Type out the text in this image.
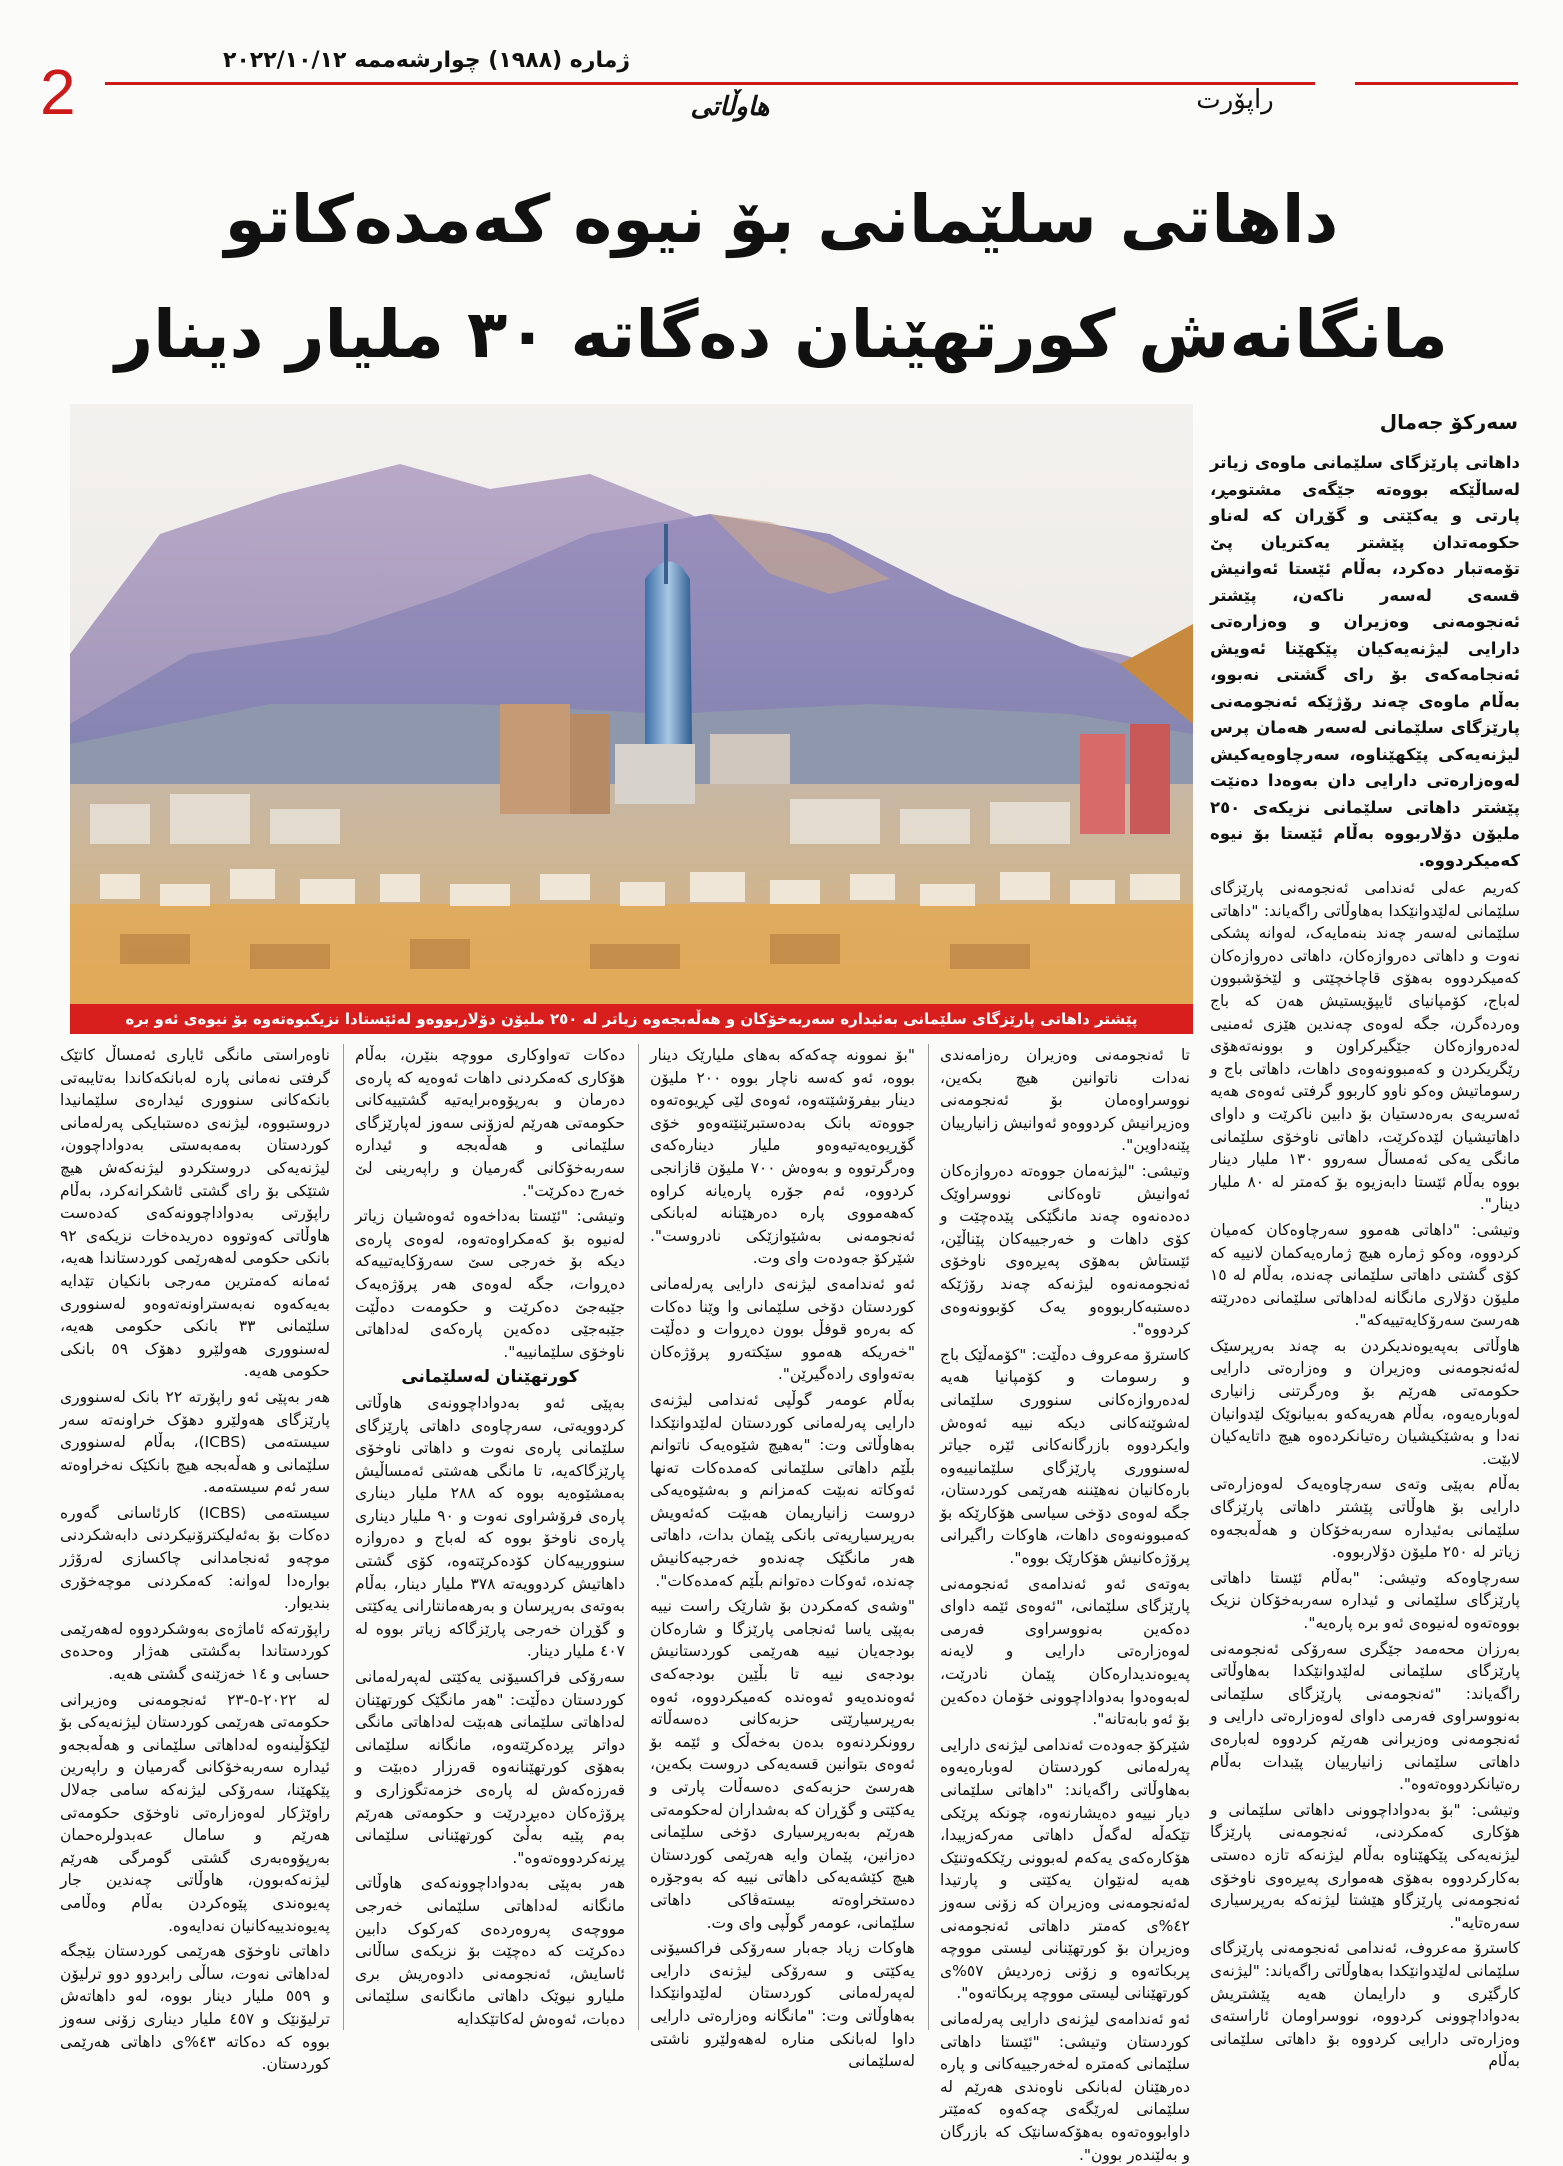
2	راپۆرت
هاوڵاتی
ژمارە (١٩٨٨) چوارشەممە ٢٠٢٢/١٠/١٢
داهاتی سلێمانی بۆ نیوە کەمدەکاتو
مانگانەش کورتهێنان دەگاتە ٣٠ ملیار دینار
پێشتر داهاتی پارێزگای سلێمانی بەئیدارە سەربەخۆکان و هەڵەبجەوە زیاتر لە ٢٥٠ ملیۆن دۆلاربووەو لەئێستادا نزیکبوەتەوە بۆ نیوەی ئەو برە
سەرکۆ جەمال

داهاتی پارێزگای سلێمانی ماوەی زیاتر لەساڵێکە بووەتە جێگەی مشتومڕ، پارتی و یەکێتی و گۆڕان کە لەناو حکومەتدان پێشتر یەکتریان پێ تۆمەتبار دەکرد، بەڵام ئێستا ئەوانیش قسەی لەسەر ناکەن، پێشتر ئەنجومەنی وەزیران و وەزارەتی دارایی لیژنەیەکیان پێکهێنا ئەویش ئەنجامەکەی بۆ رای گشتی نەبوو، بەڵام ماوەی چەند رۆژێکە ئەنجومەنی پارێزگای سلێمانی لەسەر هەمان پرس لیژنەیەکی پێکهێناوە، سەرچاوەیەکیش لەوەزارەتی دارایی دان بەوەدا دەنێت پێشتر داهاتی سلێمانی نزیکەی ٢٥٠ ملیۆن دۆلاربووە بەڵام ئێستا بۆ نیوە کەمیکردووە.

کەریم عەلی ئەندامی ئەنجومەنی پارێزگای سلێمانی لەلێدوانێکدا بەهاوڵاتی راگەیاند: "داهاتی سلێمانی لەسەر چەند بنەمایەک، لەوانە پشکی نەوت و داهاتی دەروازەکان، داهاتی دەروازەکان کەمیکردووە بەهۆی قاچاخچێتی و لێخۆشبوون لەباج، کۆمپانیای ئایپۆیستیش هەن کە باج وەردەگرن، جگە لەوەی چەندین هێزی ئەمنیی لەدەروازەکان جێگیرکراون و بوونەتەهۆی رێگریکردن و کەمبوونەوەی داهات، داهاتی باج و رسوماتیش وەکو ناوو کاربوو گرفتی ئەوەی هەیە ئەسریەی بەرەدستیان بۆ دابین ناکرێت و داوای داهاتیشیان لێدەکرێت، داهاتی ناوخۆی سلێمانی مانگی یەکی ئەمساڵ سەروو ١٣٠ ملیار دینار بووە بەڵام ئێستا دابەزیوە بۆ کەمتر لە ٨٠ ملیار دینار".

وتیشی: "داهاتی هەموو سەرچاوەکان کەمیان کردووە، وەکو ژمارە هیچ ژمارەیەکمان لانییە کە کۆی گشتی داهاتی سلێمانی چەندە، بەڵام لە ١٥ ملیۆن دۆلاری مانگانە لەداهاتی سلێمانی دەدرێتە هەرسێ سەرۆکایەتییەکە".

هاوڵاتی بەپەیوەندیکردن بە چەند بەرپرسێک لەئەنجومەنی وەزیران و وەزارەتی دارایی حکومەتی هەرێم بۆ وەرگرتنی زانیاری لەوبارەیەوە، بەڵام هەریەکەو بەبیانوێک لێدوانیان نەدا و بەشێکیشیان رەتیانکردەوە هیچ داتایەکیان لابێت.

بەڵام بەپێی وتەی سەرچاوەیەک لەوەزارەتی دارایی بۆ هاوڵاتی پێشتر داهاتی پارێزگای سلێمانی بەئیدارە سەربەخۆکان و هەڵەبجەوە زیاتر لە ٢٥٠ ملیۆن دۆلاربووە.

سەرچاوەکە وتیشی: "بەڵام ئێستا داهاتی پارێزگای سلێمانی و ئیدارە سەربەخۆکان نزیک بووەتەوە لەنیوەی ئەو برە پارەیە".

بەرزان محەمەد جێگری سەرۆکی ئەنجومەنی پارێزگای سلێمانی لەلێدوانێکدا بەهاوڵاتی راگەیاند: "ئەنجومەنی پارێزگای سلێمانی بەنووسراوی فەرمی داوای لەوەزارەتی دارایی و ئەنجومەنی وەزیرانی هەرێم کردووە لەبارەی داهاتی سلێمانی زانیارییان پێبدات بەڵام رەتیانکردووەتەوە".

وتیشی: "بۆ بەدواداچوونی داهاتی سلێمانی و هۆکاری کەمکردنی، ئەنجومەنی پارێزگا لیژنەیەکی پێکهێناوە بەڵام لیژنەکە تازە دەستی بەکارکردووە بەهۆی هەمواری پەیڕەوی ناوخۆی ئەنجومەنی پارێزگاو هێشتا لیژنەکە بەرپرسیاری سەرەتایە".

کاسترۆ مەعروف، ئەندامی ئەنجومەنی پارێزگای سلێمانی لەلێدوانێکدا بەهاوڵاتی راگەیاند: "لیژنەی کارگێری و دارایمان هەیە پێشتریش بەدواداچوونی کردووە، نووسراومان ئاراستەی وەزارەتی دارایی کردووە بۆ داهاتی سلێمانی بەڵام

تا ئەنجومەنی وەزیران رەزامەندی نەدات ناتوانین هیچ بکەین، نووسراوەمان بۆ ئەنجومەنی وەزیرانیش کردووەو ئەوانیش زانیارییان پێنەداوین".

وتیشی: "لیژنەمان جووەتە دەروازەکان ئەوانیش تاوەکانی نووسراوێک دەدەنەوە چەند مانگێکی پێدەچێت و کۆی داهات و خەرجییەکان پێناڵێن، ئێستاش بەهۆی پەیڕەوی ناوخۆی ئەنجومەنەوە لیژنەکە چەند رۆژێکە دەستبەکاربووەو یەک کۆبوونەوەی کردووە".

کاسترۆ مەعروف دەڵێت: "کۆمەڵێک باج و رسومات و کۆمپانیا هەیە لەدەروازەکانی سنووری سلێمانی لەشوێنەکانی دیکە نییە ئەوەش وایکردووە بازرگانەکانی ئێرە جیاتر لەسنووری پارێزگای سلێمانییەوە بارەکانیان نەهێننە هەرێمی کوردستان، جگە لەوەی دۆخی سیاسی هۆکارێکە بۆ کەمبوونەوەی داهات، هاوکات راگیرانی پرۆژەکانیش هۆکارێک بووە".

بەوتەی ئەو ئەندامەی ئەنجومەنی پارێزگای سلێمانی، "ئەوەی ئێمە داوای دەکەین بەنووسراوی فەرمی لەوەزارەتی دارایی و لایەنە پەیوەندیدارەکان پێمان نادرێت، لەبەوەدوا بەدواداچوونی خۆمان دەکەین بۆ ئەو بابەتانە".

شێرکۆ جەودەت ئەندامی لیژنەی دارایی پەرلەمانی کوردستان لەوبارەیەوە بەهاوڵاتی راگەیاند: "داهاتی سلێمانی دیار نییەو دەیشارنەوە، چونکە پرێکی تێکەڵە لەگەڵ داهاتی مەرکەزییدا، هۆکارەکەی یەکەم لەبوونی رێککەوتنێک هەیە لەنێوان یەکێتی و پارتیدا لەئەنجومەنی وەزیران کە زۆنی سەوز ٤٢%ی کەمتر داهاتی ئەنجومەنی وەزیران بۆ کورتهێنانی لیستی مووچە پربکاتەوە و زۆنی زەردیش ٥٧%ی کورتهێنانی لیستی مووچە پربکاتەوە".

ئەو ئەندامەی لیژنەی دارایی پەرلەمانی کوردستان وتیشی: "ئێستا داهاتی سلێمانی کەمترە لەخەرجییەکانی و پارە دەرهێنان لەبانکی ناوەندی هەرێم لە سلێمانی لەرێگەی چەکەوە کەمێتر داوابووەتەوە بەهۆکەسانێک کە بازرگان و بەلێندەر بوون".

"بۆ نموونە چەکەکە بەهای ملیارێک دینار بووە، ئەو کەسە ناچار بووە ٢٠٠ ملیۆن دینار بیفرۆشێتەوە، ئەوەی لێی کڕیوەتەوە جووەتە بانک بەدەستبرێنێتەوەو خۆی گۆڕیوەیەتیەوەو ملیار دینارەکەی وەرگرتووە و بەوەش ٧٠٠ ملیۆن قازانجی کردووە، ئەم جۆرە پارەیانە کراوە کەهەمووی پارە دەرهێنانە لەبانکی ئەنجومەنی بەشێوازێکی نادروست". شێرکۆ جەودەت وای وت.

ئەو ئەندامەی لیژنەی دارایی پەرلەمانی کوردستان دۆخی سلێمانی وا وێنا دەکات کە بەرەو قوفڵ بوون دەڕوات و دەڵێت "خەریکە هەموو سێکتەرو پرۆژەکان بەتەواوی رادەگیرێن".

بەڵام عومەر گوڵپی ئەندامی لیژنەی دارایی پەرلەمانی کوردستان لەلێدوانێکدا بەهاوڵاتی وت: "بەهیچ شێوەیەک ناتوانم بڵێم داهاتی سلێمانی کەمدەکات تەنها ئەوکاتە نەبێت کەمزانم و بەشێوەیەکی دروست زانیاریمان هەبێت کەئەویش بەرپرسیاریەتی بانکی پێمان بدات، داهاتی هەر مانگێک چەندەو خەرجیەکانیش چەندە، ئەوکات دەتوانم بڵێم کەمدەکات".

"وشەی کەمکردن بۆ شارێک راست نییە بەپێی یاسا ئەنجامی پارێزگا و شارەکان بودجەیان نییە هەرێمی کوردستانیش بودجەی نییە تا بڵێین بودجەکەی ئەوەندەیەو ئەوەندە کەمیکردووە، ئەوە بەرپرسیارێتی حزبەکانی دەسەڵاتە روونکردنەوە بدەن بەخەڵک و ئێمە بۆ ئەوەی بتوانین قسەیەکی دروست بکەین، هەرسێ حزبەکەی دەسەڵات پارتی و یەکێتی و گۆڕان کە بەشداران لەحکومەتی هەرێم بەبەرپرسیاری دۆخی سلێمانی دەزانین، پێمان وایە هەرێمی کوردستان هیچ کێشەیەکی داهاتی نییە کە بەوجۆرە دەستخراوەتە بیستەڤاکی داهاتی سلێمانی، عومەر گوڵپی وای وت.

هاوکات زیاد جەبار سەرۆکی فراکسیۆنی یەکێتی و سەرۆکی لیژنەی دارایی لەپەرلەمانی کوردستان لەلێدوانێکدا بەهاوڵاتی وت: "مانگانە وەزارەتی دارایی داوا لەبانکی منارە لەهەولێرو ناشتی لەسلێمانی

دەکات تەواوکاری مووچە بنێرن، بەڵام هۆکاری کەمکردنی داهات ئەوەیە کە پارەی دەرمان و بەرپۆوەبرایەتیە گشتییەکانی حکومەتی هەرێم لەزۆنی سەوز لەپارێزگای سلێمانی و هەڵەبجە و ئیدارە سەربەخۆکانی گەرمیان و راپەرینی لێ خەرج دەکرێت".

وتیشی: "ئێستا بەداخەوە ئەوەشیان زیاتر لەنیوە بۆ کەمکراوەتەوە، لەوەی پارەی دیکە بۆ خەرجی سێ سەرۆکایەتییەکە دەڕوات، جگە لەوەی هەر پرۆژەیەک جێبەجێ دەکرێت و حکومەت دەڵێت جێبەجێی دەکەین پارەکەی لەداهاتی ناوخۆی سلێمانییە".

کورتهێنان لەسلێمانی

بەپێی ئەو بەدواداچوونەی هاوڵاتی کردوویەتی، سەرچاوەی داهاتی پارێزگای سلێمانی پارەی نەوت و داهاتی ناوخۆی پارێزگاکەیە، تا مانگی هەشتی ئەمساڵیش بەمشێوەیە بووە کە ٢٨٨ ملیار دیناری پارەی فرۆشراوی نەوت و ٩٠ ملیار دیناری پارەی ناوخۆ بووە کە لەباج و دەروازە سنوورییەکان کۆدەکرێتەوە، کۆی گشتی داهاتیش کردوویەتە ٣٧٨ ملیار دینار، بەڵام بەوتەی بەرپرسان و بەرهەمانتارانی یەکێتی و گۆڕان خەرجی پارێزگاکە زیاتر بووە لە ٤٠٧ ملیار دینار.

سەرۆکی فراکسیۆنی یەکێتی لەپەرلەمانی کوردستان دەڵێت: "هەر مانگێک کورتهێنان لەداهاتی سلێمانی هەبێت لەداهاتی مانگی دواتر پڕدەکرێتەوە، مانگانە سلێمانی بەهۆی کورتهێنانەوە قەرزار دەبێت و قەرزەکەش لە پارەی خزمەتگوزاری و پرۆژەکان دەبڕدرێت و حکومەتی هەرێم بەم پێیە بەڵێ کورتهێنانی سلێمانی پڕنەکردووەتەوە".

هەر بەپێی بەدواداچوونەکەی هاوڵاتی مانگانە لەداهاتی سلێمانی خەرجی مووچەی پەروەردەی کەرکوک دابین دەکرێت کە دەچێت بۆ نزیکەی ساڵانی ئاسایش، ئەنجومەنی دادوەریش بری ملیارو نیوێک داهاتی مانگانەی سلێمانی دەبات، ئەوەش لەکاتێکدایە

ناوەراستی مانگی ئایاری ئەمساڵ کاتێک گرفتی نەمانی پارە لەبانکەکاندا بەتایبەتی بانکەکانی سنووری ئیدارەی سلێمانیدا دروستبووە، لیژنەی دەستبایکی پەرلەمانی کوردستان بەمەبەستی بەدواداچوون، لیژنەیەکی دروستکردو لیژنەکەش هیچ شتێکی بۆ رای گشتی ئاشکرانەکرد، بەڵام راپۆرتی بەدواداچوونەکەی کەدەست هاوڵاتی کەوتووە دەریدەخات نزیکەی ٩٢ بانکی حکومی لەهەرێمی کوردستاندا هەیە، ئەمانە کەمترین مەرجی بانکیان تێدایە بەیەکەوە نەبەستراونەتەوەو لەسنووری سلێمانی ٣٣ بانکی حکومی هەیە، لەسنووری هەولێرو دهۆک ٥٩ بانکی حکومی هەیە.

هەر بەپێی ئەو راپۆرتە ٢٢ بانک لەسنووری پارێزگای هەولێرو دهۆک خراونەتە سەر سیستەمی (ICBS)، بەڵام لەسنووری سلێمانی و هەڵەبجە هیچ بانکێک نەخراوەتە سەر ئەم سیستەمە.

سیستەمی (ICBS) کارئاسانی گەورە دەکات بۆ بەئەلیکترۆنیکردنی دابەشکردنی موچەو ئەنجامدانی چاکسازی لەرۆژر بوارەدا لەوانە: کەمکردنی موچەخۆری بندیوار.

راپۆرتەکە ئاماژەی بەوشکردووە لەهەرێمی کوردستاندا بەگشتی هەژار وەحدەی حسابی و ١٤ خەزێنەی گشتی هەیە.

لە ٢٠٢٢-٥-٢٣ ئەنجومەنی وەزیرانی حکومەتی هەرێمی کوردستان لیژنەیەکی بۆ لێکۆڵینەوە لەداهاتی سلێمانی و هەڵەبجەو ئیدارە سەربەخۆکانی گەرمیان و راپەرین پێکهێنا، سەرۆکی لیژنەکە سامی جەلال راوێژکار لەوەزارەتی ناوخۆی حکومەتی هەرێم و سامال عەبدولرەحمان بەرپۆوەبەری گشتی گومرگی هەرێم لیژنەکەبوون، هاوڵاتی چەندین جار پەیوەندی پێوەکردن بەڵام وەڵامی پەیوەندییەکانیان نەدایەوە.

داهاتی ناوخۆی هەرێمی کوردستان بێجگە لەداهاتی نەوت، ساڵی رابردوو دوو ترلیۆن و ٥٥٩ ملیار دینار بووە، لەو داهاتەش ترلیۆنێک و ٤٥٧ ملیار دیناری زۆنی سەوز بووە کە دەکاتە ٤٣%ی داهاتی هەرێمی کوردستان.
